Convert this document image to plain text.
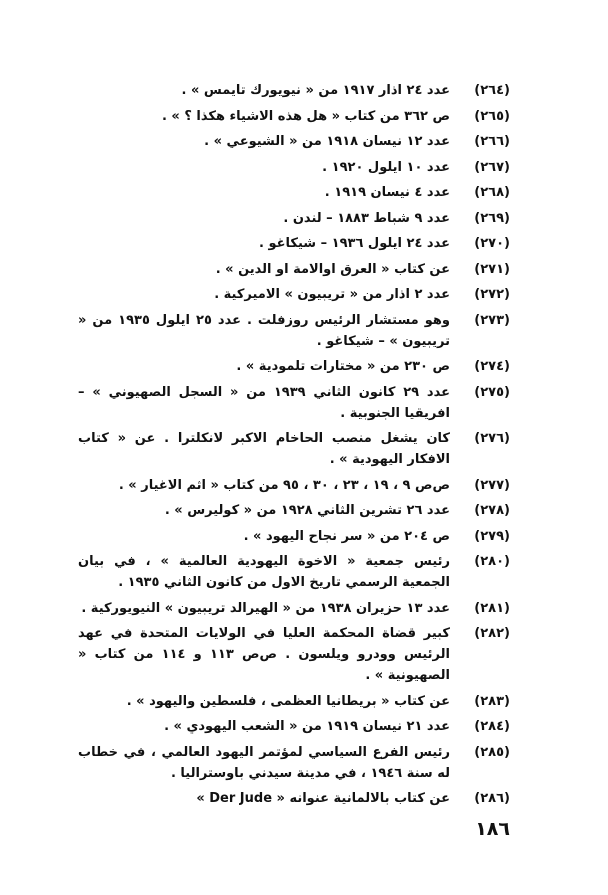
(٢٦٤)
عدد ٢٤ اذار ١٩١٧ من « نيويورك تايمس » .
(٢٦٥)
ص ٣٦٢ من كتاب « هل هذه الاشياء هكذا ؟ » .
(٢٦٦)
عدد ١٢ نيسان ١٩١٨ من « الشيوعي » .
(٢٦٧)
عدد ١٠ ايلول ١٩٢٠ .
(٢٦٨)
عدد ٤ نيسان ١٩١٩ .
(٢٦٩)
عدد ٩ شباط ١٨٨٣ – لندن .
(٢٧٠)
عدد ٢٤ ايلول ١٩٣٦ – شيكاغو .
(٢٧١)
عن كتاب « العرق اوالامة او الدين » .
(٢٧٢)
عدد ٢ اذار من « تريبيون » الاميركية .
(٢٧٣)
وهو مستشار الرئيس روزفلت . عدد ٢٥ ايلول ١٩٣٥ من « تريبيون » – شيكاغو .
(٢٧٤)
ص ٢٣٠ من « مختارات تلمودية » .
(٢٧٥)
عدد ٢٩ كانون الثاني ١٩٣٩ من « السجل الصهيوني » – افريقيا الجنوبية .
(٢٧٦)
كان يشغل منصب الحاخام الاكبر لانكلترا . عن « كتاب الافكار اليهودية » .
(٢٧٧)
ص‌ص ٩ ، ١٩ ، ٢٣ ، ٣٠ ، ٩٥ من كتاب « اثم الاغيار » .
(٢٧٨)
عدد ٢٦ تشرين الثاني ١٩٢٨ من « كوليرس » .
(٢٧٩)
ص ٢٠٤ من « سر نجاح اليهود » .
(٢٨٠)
رئيس جمعية « الاخوة اليهودية العالمية » ، في بيان الجمعية الرسمي تاريخ الاول من كانون الثاني ١٩٣٥ .
(٢٨١)
عدد ١٣ حزيران ١٩٣٨ من « الهيرالد تريبيون » النيويوركية .
(٢٨٢)
كبير قضاة المحكمة العليا في الولايات المتحدة في عهد الرئيس وودرو ويلسون . ص‌ص ١١٣ و ١١٤ من كتاب « الصهيونية » .
(٢٨٣)
عن كتاب « بريطانيا العظمى ، فلسطين واليهود » .
(٢٨٤)
عدد ٢١ نيسان ١٩١٩ من « الشعب اليهودي » .
(٢٨٥)
رئيس الفرع السياسي لمؤتمر اليهود العالمي ، في خطاب له سنة ١٩٤٦ ، في مدينة سيدني باوستراليا .
(٢٨٦)
عن كتاب بالالمانية عنوانه « Der Jude »
١٨٦
